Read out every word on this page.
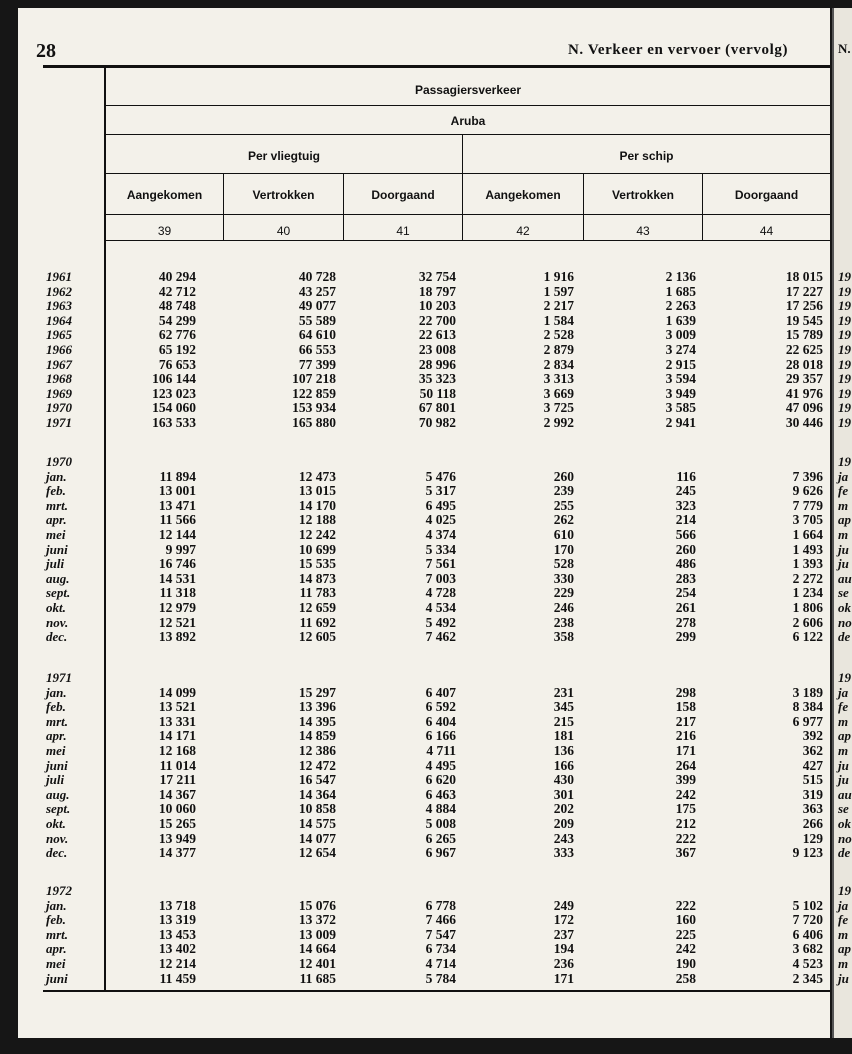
28	N. Verkeer en vervoer (vervolg)
Passagiersverkeer
Aruba
Per vliegtuig	Per schip
Aangekomen	Vertrokken	Doorgaand	Aangekomen	Vertrokken	Doorgaand
39	40	41	42	43	44
1961	40 294	40 728	32 754	1 916	2 136	18 015
1962	42 712	43 257	18 797	1 597	1 685	17 227
1963	48 748	49 077	10 203	2 217	2 263	17 256
1964	54 299	55 589	22 700	1 584	1 639	19 545
1965	62 776	64 610	22 613	2 528	3 009	15 789
1966	65 192	66 553	23 008	2 879	3 274	22 625
1967	76 653	77 399	28 996	2 834	2 915	28 018
1968	106 144	107 218	35 323	3 313	3 594	29 357
1969	123 023	122 859	50 118	3 669	3 949	41 976
1970	154 060	153 934	67 801	3 725	3 585	47 096
1971	163 533	165 880	70 982	2 992	2 941	30 446
1970
jan.	11 894	12 473	5 476	260	116	7 396
feb.	13 001	13 015	5 317	239	245	9 626
mrt.	13 471	14 170	6 495	255	323	7 779
apr.	11 566	12 188	4 025	262	214	3 705
mei	12 144	12 242	4 374	610	566	1 664
juni	9 997	10 699	5 334	170	260	1 493
juli	16 746	15 535	7 561	528	486	1 393
aug.	14 531	14 873	7 003	330	283	2 272
sept.	11 318	11 783	4 728	229	254	1 234
okt.	12 979	12 659	4 534	246	261	1 806
nov.	12 521	11 692	5 492	238	278	2 606
dec.	13 892	12 605	7 462	358	299	6 122
1971
jan.	14 099	15 297	6 407	231	298	3 189
feb.	13 521	13 396	6 592	345	158	8 384
mrt.	13 331	14 395	6 404	215	217	6 977
apr.	14 171	14 859	6 166	181	216	392
mei	12 168	12 386	4 711	136	171	362
juni	11 014	12 472	4 495	166	264	427
juli	17 211	16 547	6 620	430	399	515
aug.	14 367	14 364	6 463	301	242	319
sept.	10 060	10 858	4 884	202	175	363
okt.	15 265	14 575	5 008	209	212	266
nov.	13 949	14 077	6 265	243	222	129
dec.	14 377	12 654	6 967	333	367	9 123
1972
jan.	13 718	15 076	6 778	249	222	5 102
feb.	13 319	13 372	7 466	172	160	7 720
mrt.	13 453	13 009	7 547	237	225	6 406
apr.	13 402	14 664	6 734	194	242	3 682
mei	12 214	12 401	4 714	236	190	4 523
juni	11 459	11 685	5 784	171	258	2 345
N.
19
19
19
19
19
19
19
19
19
19
19
19
ja
fe
m
ap
m
ju
ju
au
se
ok
no
de
19
ja
fe
m
ap
m
ju
ju
au
se
ok
no
de
19
ja
fe
m
ap
m
ju
